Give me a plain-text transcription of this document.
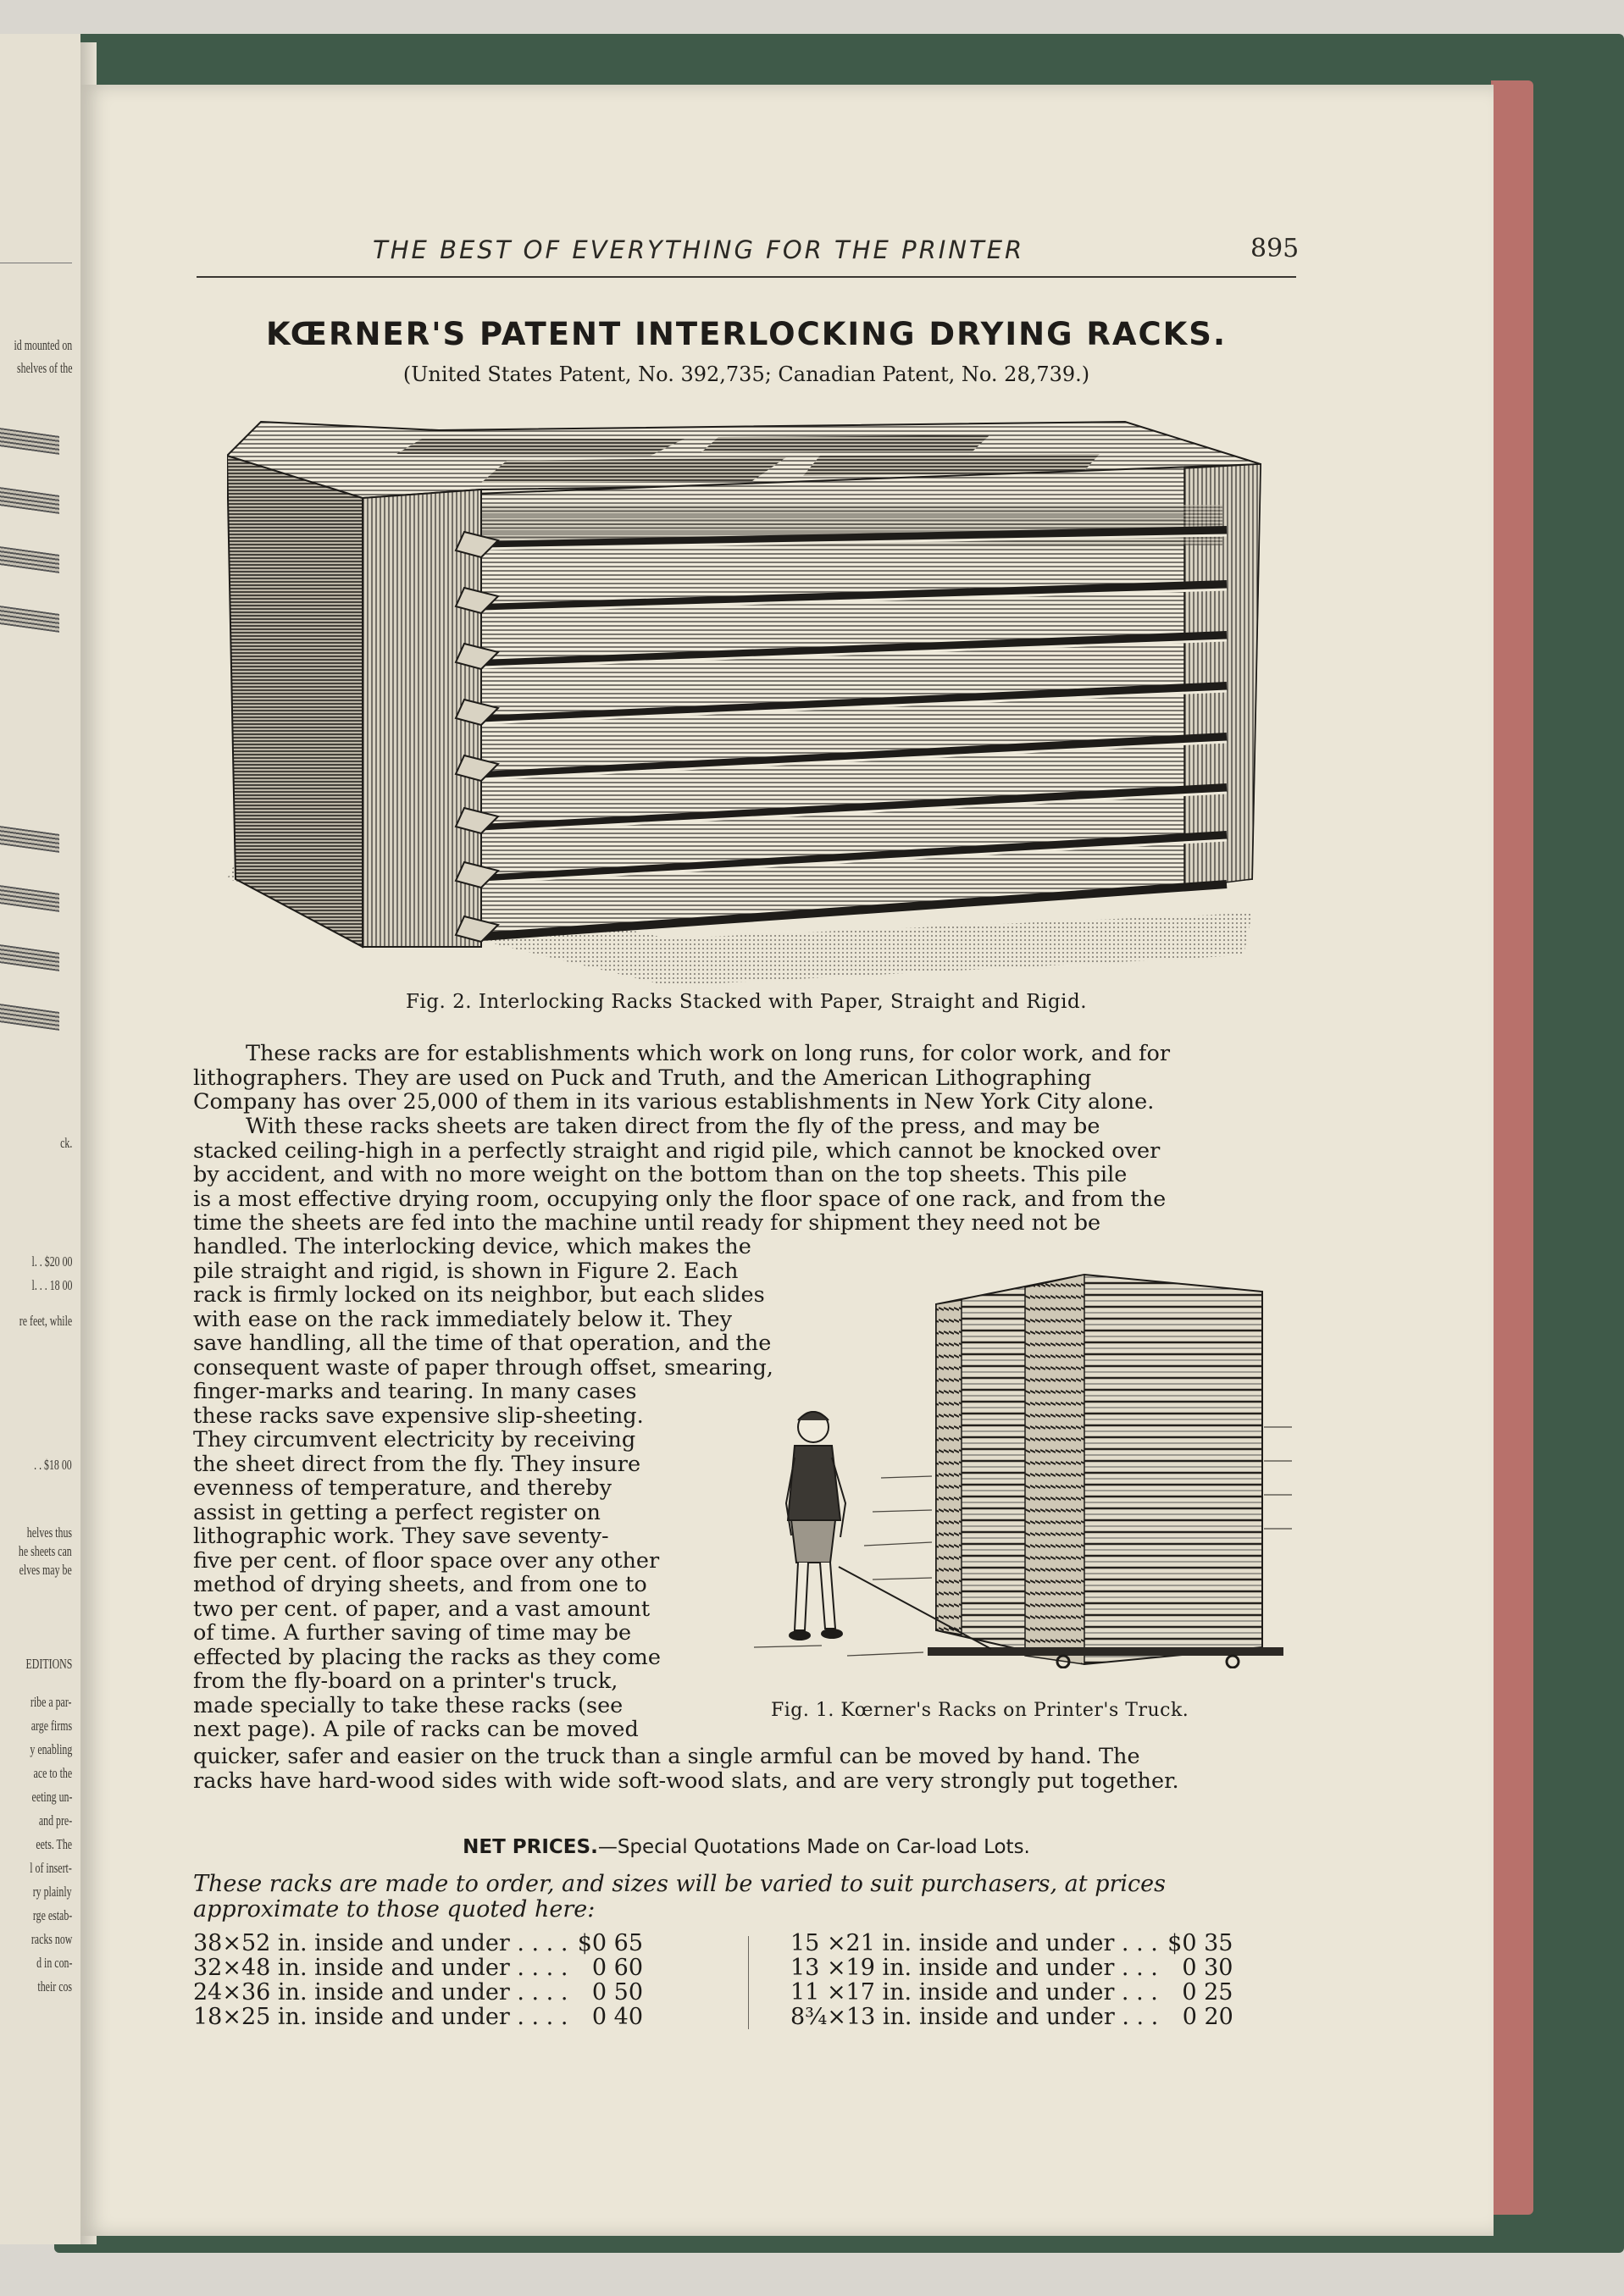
id mounted on
shelves of the
ck.
l. . $20 00
l. . . 18 00
re feet, while
. . $18 00
helves thus
he sheets can
elves may be
EDITIONS
ribe a par-
arge firms
y enabling
ace to the
eeting un-
and pre-
eets. The
l of insert-
ry plainly
rge estab-
racks now
d in con-
their cos
THE BEST OF EVERYTHING FOR THE PRINTER	895
KŒRNER'S PATENT INTERLOCKING DRYING RACKS.
(United States Patent, No. 392,735; Canadian Patent, No. 28,739.)
Fig. 2. Interlocking Racks Stacked with Paper, Straight and Rigid.
These racks are for establishments which work on long runs, for color work, and for
lithographers. They are used on Puck and Truth, and the American Lithographing
Company has over 25,000 of them in its various establishments in New York City alone.
With these racks sheets are taken direct from the fly of the press, and may be
stacked ceiling-high in a perfectly straight and rigid pile, which cannot be knocked over
by accident, and with no more weight on the bottom than on the top sheets. This pile
is a most effective drying room, occupying only the floor space of one rack, and from the
time the sheets are fed into the machine until ready for shipment they need not be
handled. The interlocking device, which makes the
pile straight and rigid, is shown in Figure 2. Each
rack is firmly locked on its neighbor, but each slides
with ease on the rack immediately below it. They
save handling, all the time of that operation, and the
consequent waste of paper through offset, smearing,
finger-marks and tearing. In many cases
these racks save expensive slip-sheeting.
They circumvent electricity by receiving
the sheet direct from the fly. They insure
evenness of temperature, and thereby
assist in getting a perfect register on
lithographic work. They save seventy-
five per cent. of floor space over any other
method of drying sheets, and from one to
two per cent. of paper, and a vast amount
of time. A further saving of time may be
effected by placing the racks as they come
from the fly-board on a printer's truck,
made specially to take these racks (see
next page). A pile of racks can be moved
Fig. 1. Kœrner's Racks on Printer's Truck.
quicker, safer and easier on the truck than a single armful can be moved by hand. The
racks have hard-wood sides with wide soft-wood slats, and are very strongly put together.
NET PRICES.—Special Quotations Made on Car-load Lots.
These racks are made to order, and sizes will be varied to suit purchasers, at prices approximate to those quoted here:
38×52 in. inside and under . . . . $0 65
32×48 in. inside and under . . . . 0 60
24×36 in. inside and under . . . . 0 50
18×25 in. inside and under . . . . 0 40
15 ×21 in. inside and under . . . $0 35
13 ×19 in. inside and under . . . 0 30
11 ×17 in. inside and under . . . 0 25
8¾×13 in. inside and under . . . 0 20
